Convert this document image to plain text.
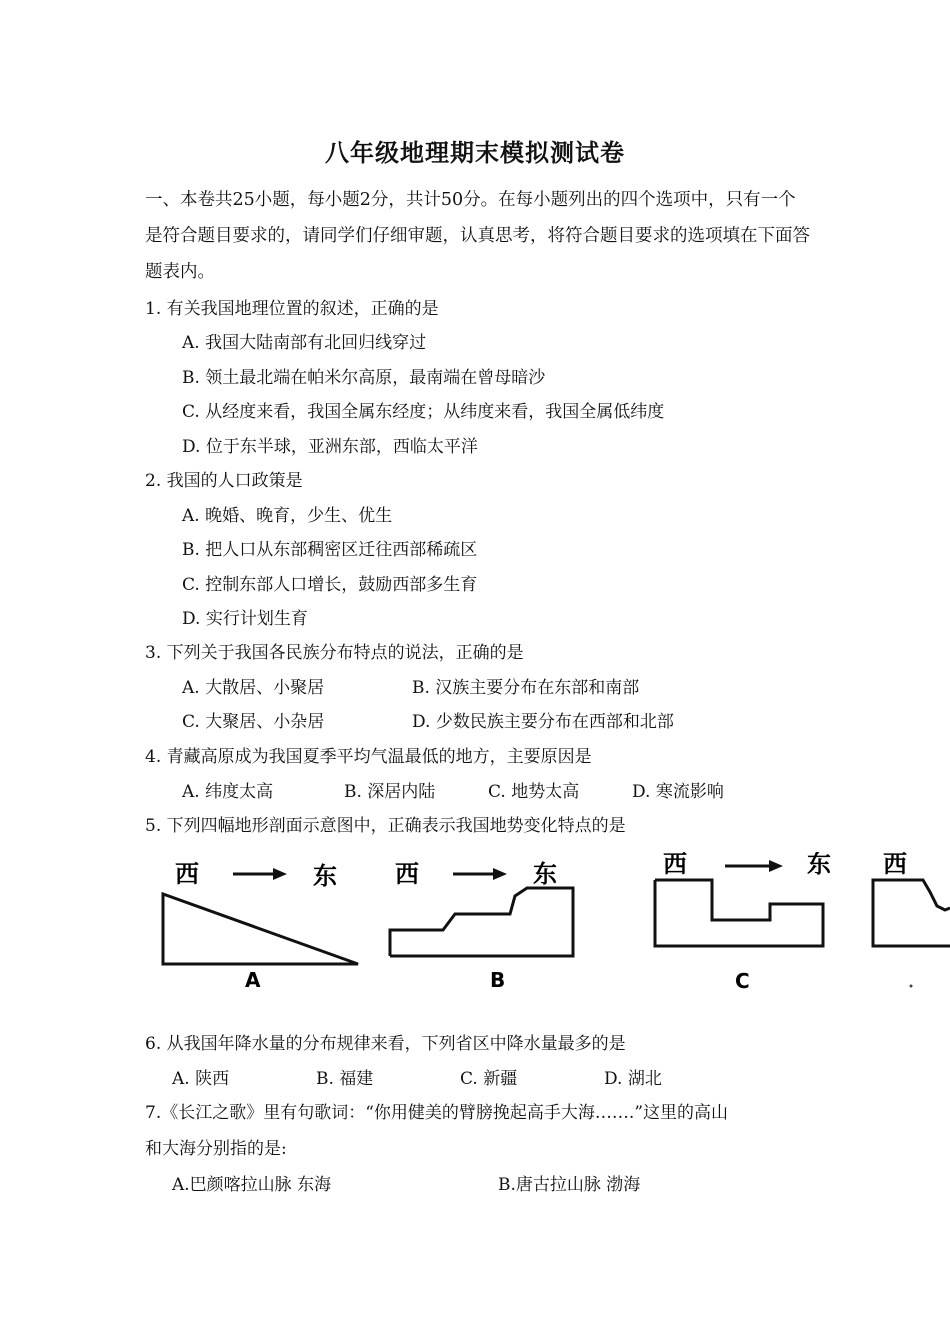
八年级地理期末模拟测试卷
一、本卷共25小题，每小题2分，共计50分。在每小题列出的四个选项中，只有一个是符合题目要求的，请同学们仔细审题，认真思考，将符合题目要求的选项填在下面答题表内。
1. 有关我国地理位置的叙述，正确的是
A. 我国大陆南部有北回归线穿过
B. 领土最北端在帕米尔高原，最南端在曾母暗沙
C. 从经度来看，我国全属东经度；从纬度来看，我国全属低纬度
D. 位于东半球，亚洲东部，西临太平洋
2. 我国的人口政策是
A. 晚婚、晚育，少生、优生
B. 把人口从东部稠密区迁往西部稀疏区
C. 控制东部人口增长，鼓励西部多生育
D. 实行计划生育
3. 下列关于我国各民族分布特点的说法，正确的是
A. 大散居、小聚居	B. 汉族主要分布在东部和南部
C. 大聚居、小杂居	D. 少数民族主要分布在西部和北部
4. 青藏高原成为我国夏季平均气温最低的地方，主要原因是
A. 纬度太高	B. 深居内陆	C. 地势太高	D. 寒流影响
5. 下列四幅地形剖面示意图中，正确表示我国地势变化特点的是
西	东
A
西	东
B
西	东
C
西
6. 从我国年降水量的分布规律来看，下列省区中降水量最多的是
A. 陕西	B. 福建	C. 新疆	D. 湖北
7.《长江之歌》里有句歌词：“你用健美的臂膀挽起高手大海…….”这里的高山
和大海分别指的是:
A.巴颜喀拉山脉 东海	B.唐古拉山脉 渤海
